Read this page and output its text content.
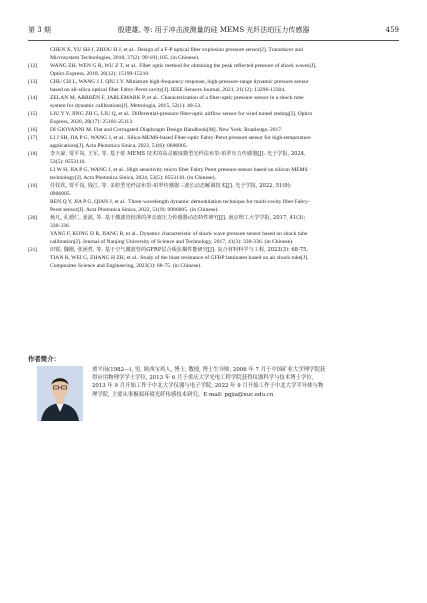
第 3 期	殷建雄, 等: 用于冲击波测量的硅 MEMS 光纤法珀压力传感器	459
CHEN X, YU SH J, ZHOU H J, et al.. Design of a F-P optical fiber explosion pressure sensor[J]. Transducer and
Microsystem Technologies, 2018, 37(2): 99-101,105. (in Chinese).
[12] WANG ZH, WEN G R, WU Z T, et al.. Fiber optic method for obtaining the peak reflected pressure of shock waves[J].
Optics Express, 2018, 26(12): 15199-15210.
[13] CHU CH L, WANG J J, QIU J Y. Miniature high-frequency response, high-pressure-range dynamic pressure sensor
based on all-silica optical fiber Fabry-Perot cavity[J]. IEEE Sensors Journal, 2021, 21(12): 13296-13304.
[14] ZELAN M, ARRHÉN F, JARLEMARK P, et al.. Characterization of a fiber-optic pressure sensor in a shock tube
system for dynamic calibrations[J]. Metrologia, 2015, 52(1): 48-53.
[15] LIU Y Y, JING ZH G, LIU Q, et al.. Differential-pressure fiber-optic airflow sensor for wind tunnel testing[J]. Optics
Express, 2020, 28(17): 25101-25113.
[16] DI GIOVANNI M. Flat and Corrugated Diaphragm Design Handbook[M]. New York: Routledge, 2017.
[17] LI J SH, JIA P G, WANG J, et al.. Silica-MEMS-based Fiber-optic Fabry-Perot pressure sensor for high-temperature
applications[J]. Acta Photonica Sinica, 2022, 51(6): 0606005.
[18] 李天豪, 贾平岗, 王军, 等. 基于硅 MEMS 技术的高灵敏度微型光纤法布里-珀罗压力传感器[J]. 光子学报, 2024,
53(5): 0553110.
LI W H, JIA P G, WANG J, et al.. High sensitivity micro fiber Fabry Perot pressure sensor based on silicon MEMS
technology[J]. Acta Photonica Sinica, 2024, 53(5): 0553110. (in Chinese).
[19] 任钦钦, 贾平岗, 钱江, 等. 多腔型光纤法布里-珀罗传感器三波长动态解调技术[J]. 光子学报, 2022, 51(9):
0906005.
REN Q Y, JIA P G, QIAN J, et al.. Three-wavelength dynamic demodulation technique for multi-cavity fiber Fabry-
Perot sensor[J]. Acta Photonica Sinica, 2022, 51(9): 0906005. (in Chinese).
[20] 杨凡, 孔德仁, 姜波, 等. 基于激波管校准的冲击波压力传感器动态特性研究[J]. 南京理工大学学报, 2017, 41(3):
330-336.
YANG F, KONG D R, JIANG B, et al.. Dynamic characteristic of shock wave pressure sensor based on shock tube
calibration[J]. Journal of Nanjing University of Science and Technology, 2017, 41(3): 330-336. (in Chinese).
[21] 田锐, 魏刚, 张函哲, 等. 基于空气激波管的GFRP层合板抗爆性能研究[J]. 复合材料科学与工程, 2023(3): 68-75.
TIAN R, WEI G, ZHANG H ZH, et al.. Study of the blast resistance of GFRP laminates based on air shock tube[J].
Composites Science and Engineering, 2023(3): 68-75. (in Chinese).
作者简介：
贾平岗(1982—), 男, 陕西宝鸡人, 博士, 教授, 博士生导师, 2006 年 7 月于中国矿业大学理学院获
得应用物理学学士学位, 2013 年 6 月于重庆大学光电工程学院获得仪器科学与技术博士学位,
2013 年 9 月开始工作于中北大学仪器与电子学院, 2022 年 9 月开始工作于中北大学半导体与物
理学院, 主要从事极端环境光纤传感技术研究。E-mail: pgjia@nuc.edu.cn
